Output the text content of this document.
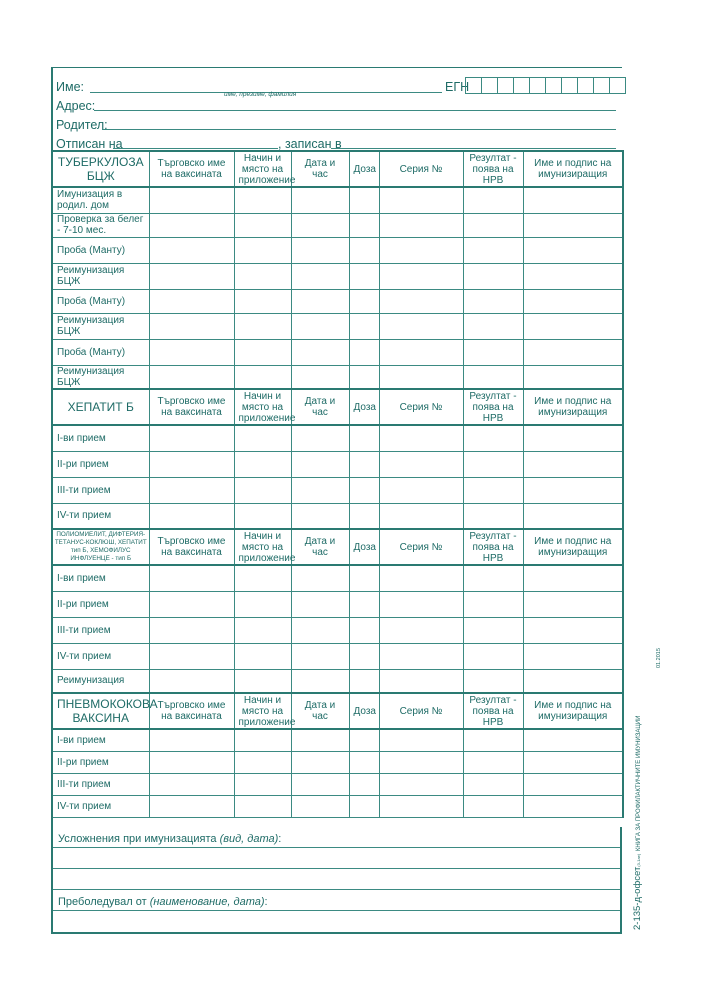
Име:
име, презиме, фамилия
ЕГН
Адрес:
Родител:
Отписан на	, записан в
ТУБЕРКУЛОЗА БЦЖ	Търговско име на вaксината	Начин и място на приложение	Дата и час	Доза	Серия №	Резултат - поява на НРВ	Име и подпис на имунизиращия
Имунизация в родил. дом							
Проверка за белег - 7-10 мес.							
Проба (Манту)							
Реимунизация БЦЖ							
Проба (Манту)							
Реимунизация БЦЖ							
Проба (Манту)							
Реимунизация БЦЖ							
ХЕПАТИТ Б	Търговско име на вaксината	Начин и място на приложение	Дата и час	Доза	Серия №	Резултат - поява на НРВ	Име и подпис на имунизиращия
I-ви прием							
II-ри прием							
III-ти прием							
IV-ти прием							
ПОЛИОМИЕЛИТ, ДИФТЕРИЯ-ТЕТАНУС-КОКЛЮШ, ХЕПАТИТ тип Б, ХЕМОФИЛУС ИНФЛУЕНЦЕ - тип Б	Търговско име на вaксината	Начин и място на приложение	Дата и час	Доза	Серия №	Резултат - поява на НРВ	Име и подпис на имунизиращия
I-ви прием							
II-ри прием							
III-ти прием							
IV-ти прием							
Реимунизация							
ПНЕВМОКОКОВА ВАКСИНА	Търговско име на вaксината	Начин и място на приложение	Дата и час	Доза	Серия №	Резултат - поява на НРВ	Име и подпис на имунизиращия
I-ви прием							
II-ри прием							
III-ти прием							
IV-ти прием							
Усложнения при имунизацията (вид, дата):
Преболедувал от (наименование, дата):	2-135-д-офсет(3-1ae) КНИГА ЗА ПРОФИЛАКТИЧНИТЕ ИМУНИЗАЦИИ
01.2015
